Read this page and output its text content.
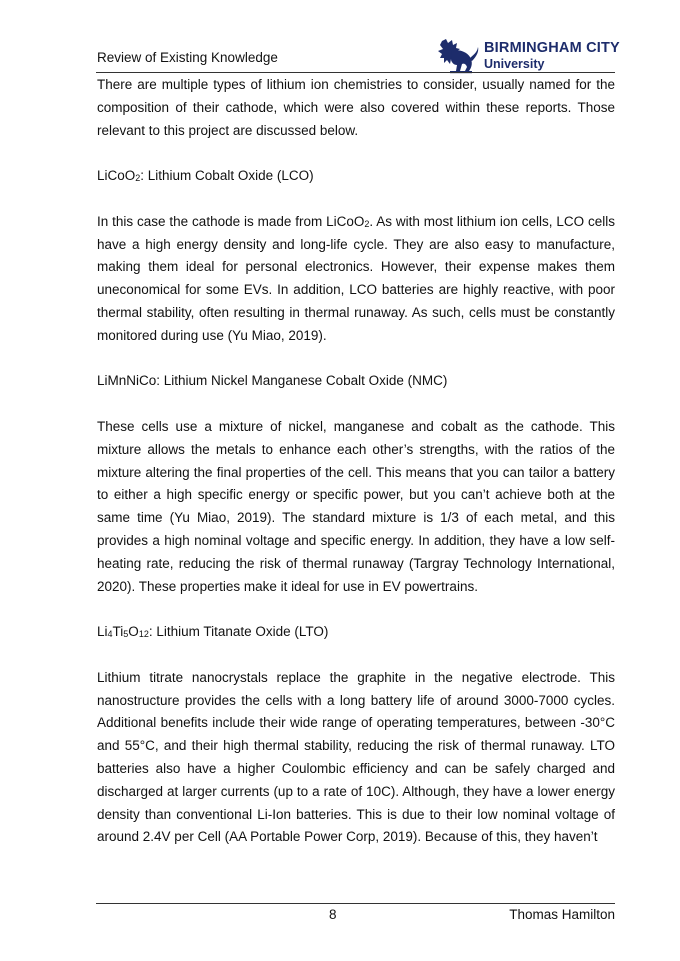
Review of Existing Knowledge
BIRMINGHAM CITY
University

There are multiple types of lithium ion chemistries to consider, usually named for the composition of their cathode, which were also covered within these reports. Those relevant to this project are discussed below.

LiCoO$_2$: Lithium Cobalt Oxide (LCO)

In this case the cathode is made from LiCoO$_2$. As with most lithium ion cells, LCO cells have a high energy density and long-life cycle. They are also easy to manufacture, making them ideal for personal electronics. However, their expense makes them uneconomical for some EVs. In addition, LCO batteries are highly reactive, with poor thermal stability, often resulting in thermal runaway. As such, cells must be constantly monitored during use (Yu Miao, 2019).

LiMnNiCo: Lithium Nickel Manganese Cobalt Oxide (NMC)

These cells use a mixture of nickel, manganese and cobalt as the cathode. This mixture allows the metals to enhance each other’s strengths, with the ratios of the mixture altering the final properties of the cell. This means that you can tailor a battery to either a high specific energy or specific power, but you can’t achieve both at the same time (Yu Miao, 2019). The standard mixture is 1/3 of each metal, and this provides a high nominal voltage and specific energy. In addition, they have a low self-heating rate, reducing the risk of thermal runaway (Targray Technology International, 2020). These properties make it ideal for use in EV powertrains.

$Li_4Ti_5O_{12}$: Lithium Titanate Oxide (LTO)

Lithium titrate nanocrystals replace the graphite in the negative electrode. This nanostructure provides the cells with a long battery life of around 3000-7000 cycles. Additional benefits include their wide range of operating temperatures, between -30°C and 55°C, and their high thermal stability, reducing the risk of thermal runaway. LTO batteries also have a higher Coulombic efficiency and can be safely charged and discharged at larger currents (up to a rate of 10C). Although, they have a lower energy density than conventional Li-Ion batteries. This is due to their low nominal voltage of around 2.4V per Cell (AA Portable Power Corp, 2019). Because of this, they haven’t

8	Thomas Hamilton
